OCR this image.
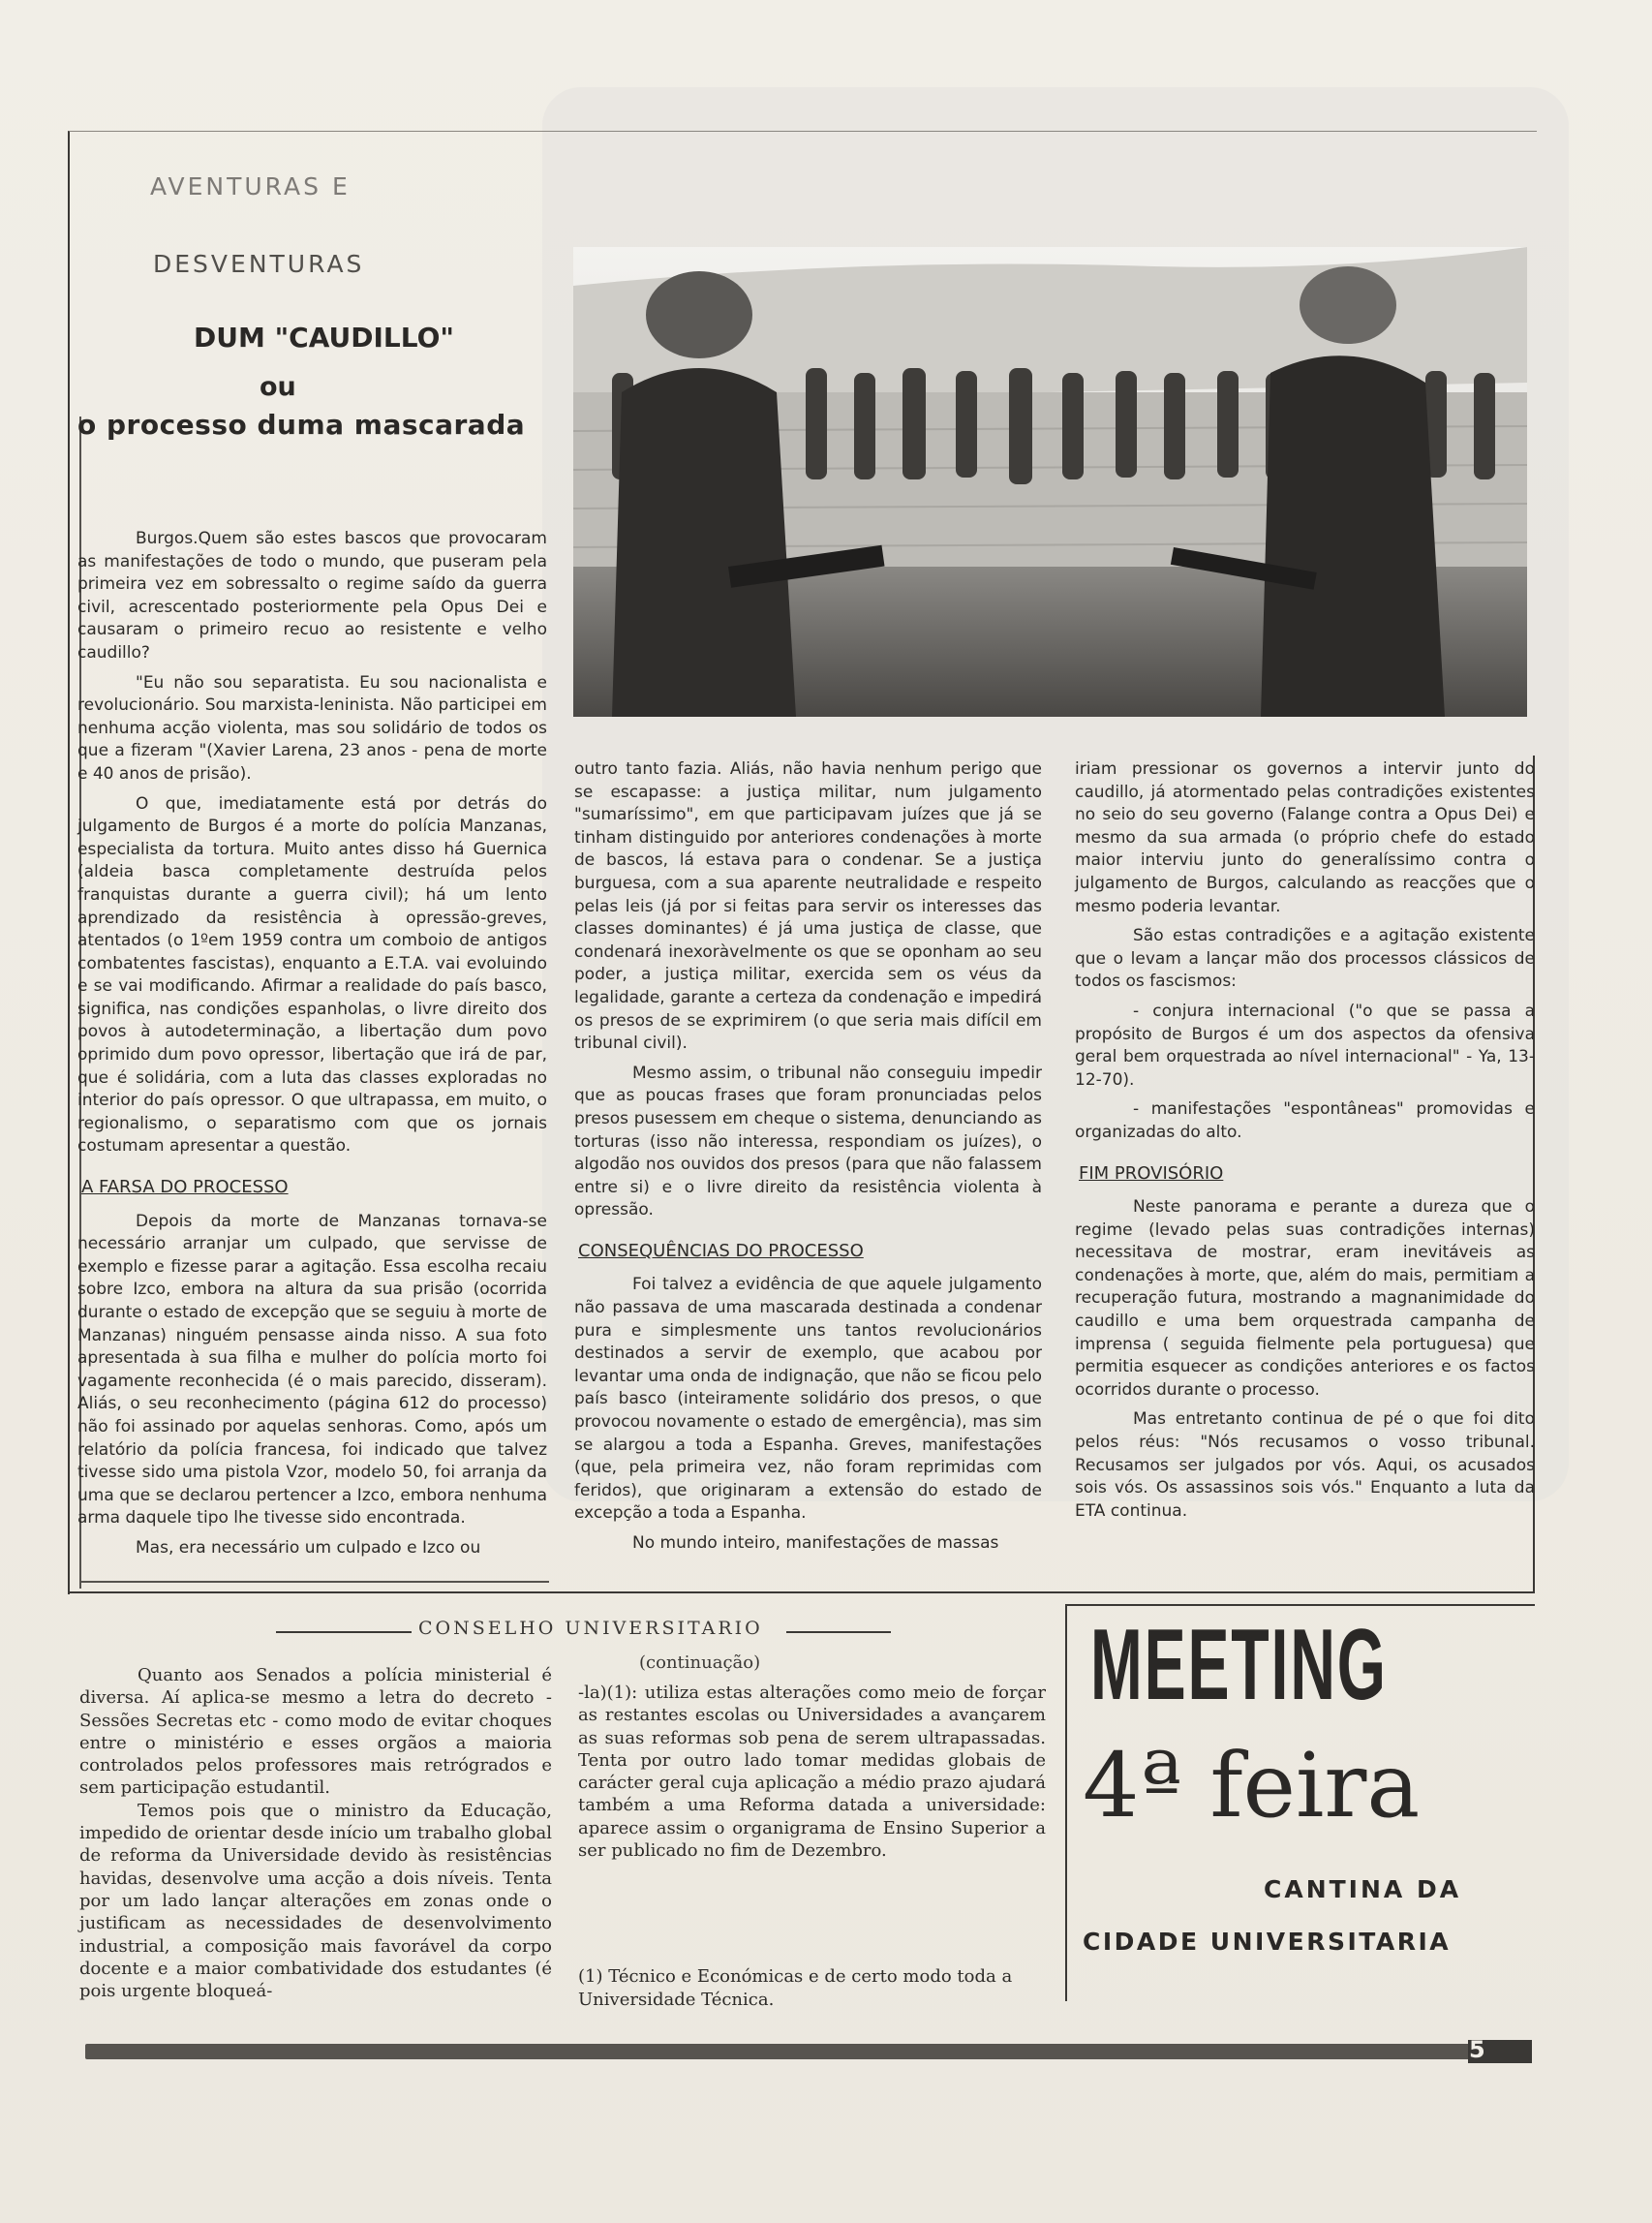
AVENTURAS E
DESVENTURAS
DUM "CAUDILLO"
ou
o processo duma mascarada

Burgos.Quem são estes bascos que provocaram as manifestações de todo o mundo, que puseram pela primeira vez em sobressalto o regime saído da guerra civil, acrescentado posteriormente pela Opus Dei e causaram o primeiro recuo ao resistente e velho caudillo?

"Eu não sou separatista. Eu sou nacionalista e revolucionário. Sou marxista-leninista. Não participei em nenhuma acção violenta, mas sou solidário de todos os que a fizeram "(Xavier Larena, 23 anos - pena de morte e 40 anos de prisão).

O que, imediatamente está por detrás do julgamento de Burgos é a morte do polícia Manzanas, especialista da tortura. Muito antes disso há Guernica (aldeia basca completamente destruída pelos franquistas durante a guerra civil); há um lento aprendizado da resistência à opressão-greves, atentados (o 1ºem 1959 contra um comboio de antigos combatentes fascistas), enquanto a E.T.A. vai evoluindo e se vai modificando. Afirmar a realidade do país basco, significa, nas condições espanholas, o livre direito dos povos à autodeterminação, a libertação dum povo oprimido dum povo opressor, libertação que irá de par, que é solidária, com a luta das classes exploradas no interior do país opressor. O que ultrapassa, em muito, o regionalismo, o separatismo com que os jornais costumam apresentar a questão.

A FARSA DO PROCESSO

Depois da morte de Manzanas tornava-se necessário arranjar um culpado, que servisse de exemplo e fizesse parar a agitação. Essa escolha recaiu sobre Izco, embora na altura da sua prisão (ocorrida durante o estado de excepção que se seguiu à morte de Manzanas) ninguém pensasse ainda nisso. A sua foto apresentada à sua filha e mulher do polícia morto foi vagamente reconhecida (é o mais parecido, disseram). Aliás, o seu reconhecimento (página 612 do processo) não foi assinado por aquelas senhoras. Como, após um relatório da polícia francesa, foi indicado que talvez tivesse sido uma pistola Vzor, modelo 50, foi arranja da uma que se declarou pertencer a Izco, embora nenhuma arma daquele tipo lhe tivesse sido encontrada.

Mas, era necessário um culpado e Izco ou

outro tanto fazia. Aliás, não havia nenhum perigo que se escapasse: a justiça militar, num julgamento "sumaríssimo", em que participavam juízes que já se tinham distinguido por anteriores condenações à morte de bascos, lá estava para o condenar. Se a justiça burguesa, com a sua aparente neutralidade e respeito pelas leis (já por si feitas para servir os interesses das classes dominantes) é já uma justiça de classe, que condenará inexoràvelmente os que se oponham ao seu poder, a justiça militar, exercida sem os véus da legalidade, garante a certeza da condenação e impedirá os presos de se exprimirem (o que seria mais difícil em tribunal civil).

Mesmo assim, o tribunal não conseguiu impedir que as poucas frases que foram pronunciadas pelos presos pusessem em cheque o sistema, denunciando as torturas (isso não interessa, respondiam os juízes), o algodão nos ouvidos dos presos (para que não falassem entre si) e o livre direito da resistência violenta à opressão.

CONSEQUÊNCIAS DO PROCESSO

Foi talvez a evidência de que aquele julgamento não passava de uma mascarada destinada a condenar pura e simplesmente uns tantos revolucionários destinados a servir de exemplo, que acabou por levantar uma onda de indignação, que não se ficou pelo país basco (inteiramente solidário dos presos, o que provocou novamente o estado de emergência), mas sim se alargou a toda a Espanha. Greves, manifestações (que, pela primeira vez, não foram reprimidas com feridos), que originaram a extensão do estado de excepção a toda a Espanha.

No mundo inteiro, manifestações de massas

iriam pressionar os governos a intervir junto do caudillo, já atormentado pelas contradições existentes no seio do seu governo (Falange contra a Opus Dei) e mesmo da sua armada (o próprio chefe do estado maior interviu junto do generalíssimo contra o julgamento de Burgos, calculando as reacções que o mesmo poderia levantar.

São estas contradições e a agitação existente que o levam a lançar mão dos processos clássicos de todos os fascismos:

- conjura internacional ("o que se passa a propósito de Burgos é um dos aspectos da ofensiva geral bem orquestrada ao nível internacional" - Ya, 13-12-70).

- manifestações "espontâneas" promovidas e organizadas do alto.

FIM PROVISÓRIO

Neste panorama e perante a dureza que o regime (levado pelas suas contradições internas) necessitava de mostrar, eram inevitáveis as condenações à morte, que, além do mais, permitiam a recuperação futura, mostrando a magnanimidade do caudillo e uma bem orquestrada campanha de imprensa ( seguida fielmente pela portuguesa) que permitia esquecer as condições anteriores e os factos ocorridos durante o processo.

Mas entretanto continua de pé o que foi dito pelos réus: "Nós recusamos o vosso tribunal. Recusamos ser julgados por vós. Aqui, os acusados sois vós. Os assassinos sois vós." Enquanto a luta da ETA continua.

CONSELHO UNIVERSITARIO
(continuação)

Quanto aos Senados a polícia ministerial é diversa. Aí aplica-se mesmo a letra do decreto - Sessões Secretas etc - como modo de evitar choques entre o ministério e esses orgãos a maioria controlados pelos professores mais retrógrados e sem participação estudantil.

Temos pois que o ministro da Educação, impedido de orientar desde início um trabalho global de reforma da Universidade devido às resistências havidas, desenvolve uma acção a dois níveis. Tenta por um lado lançar alterações em zonas onde o justificam as necessidades de desenvolvimento industrial, a composição mais favorável da corpo docente e a maior combatividade dos estudantes (é pois urgente bloqueá-

-la)(1): utiliza estas alterações como meio de forçar as restantes escolas ou Universidades a avançarem as suas reformas sob pena de serem ultrapassadas. Tenta por outro lado tomar medidas globais de carácter geral cuja aplicação a médio prazo ajudará também a uma Reforma datada a universidade: aparece assim o organigrama de Ensino Superior a ser publicado no fim de Dezembro.

(1) Técnico e Económicas e de certo modo toda a Universidade Técnica.
MEETING
4ª feira
CANTINA DA
CIDADE UNIVERSITARIA
5
